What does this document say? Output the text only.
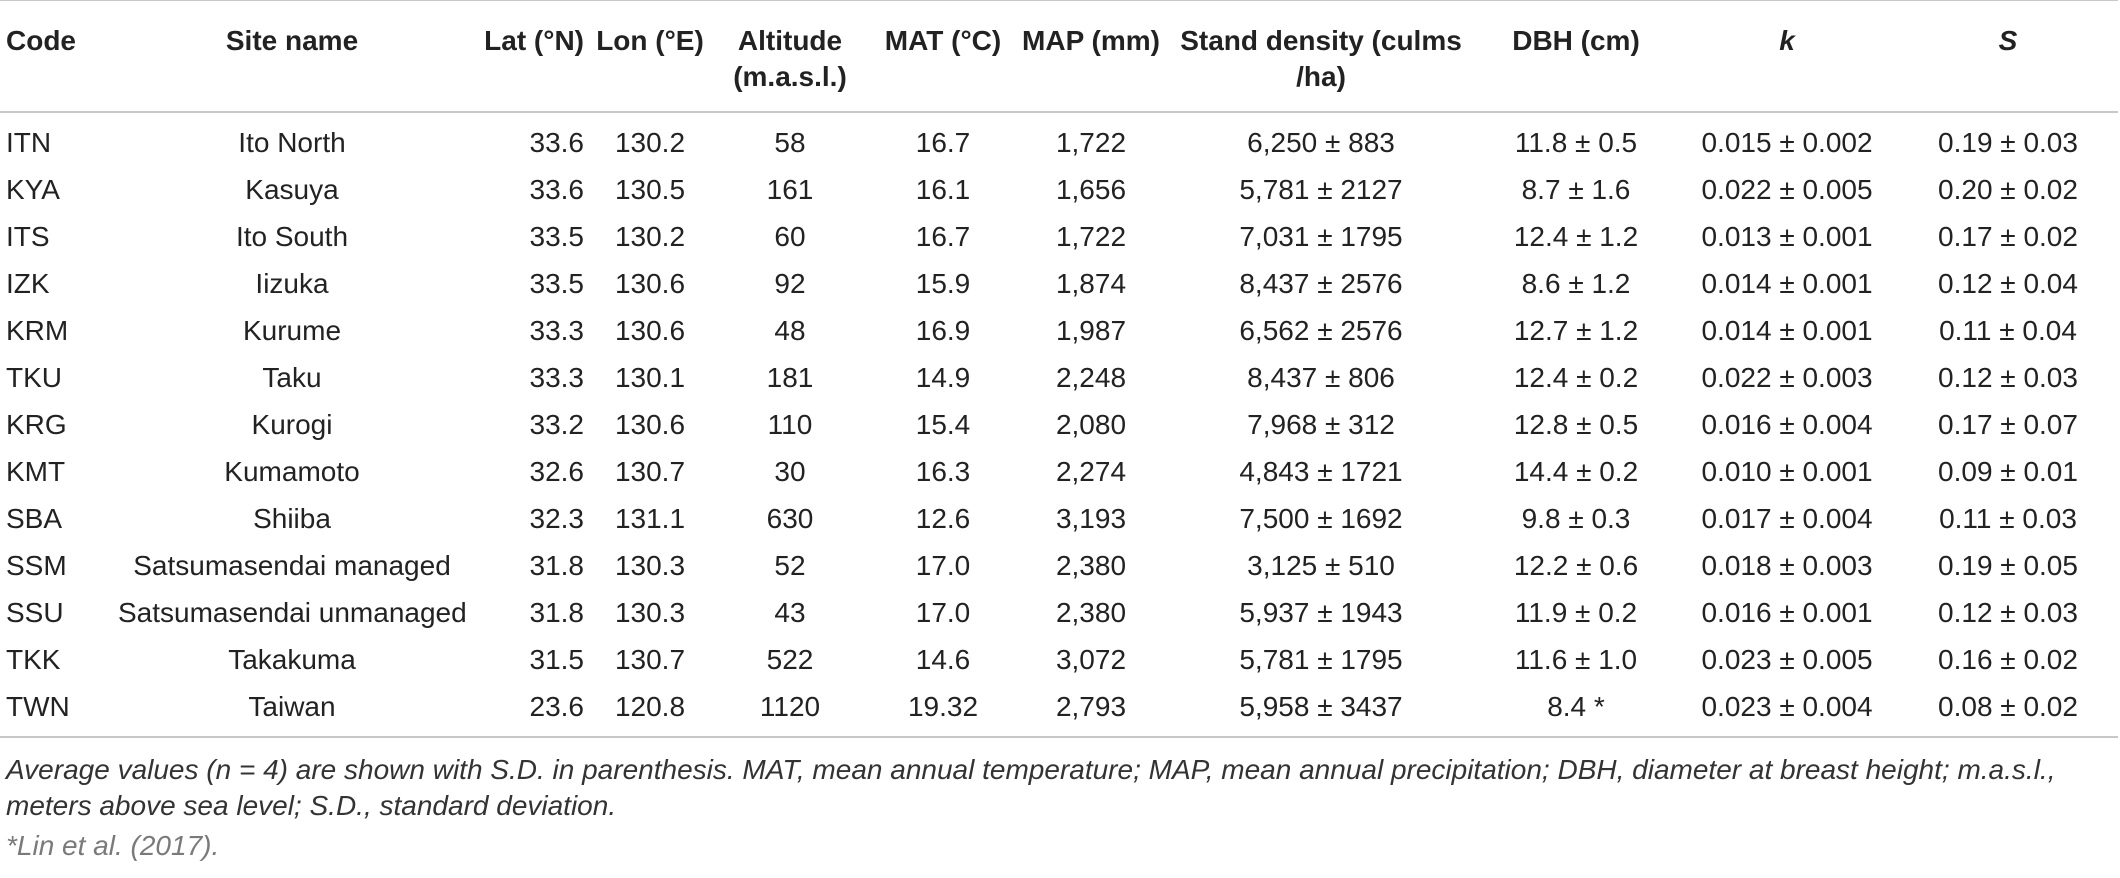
Code	Site name	Lat (°N)	Lon (°E)	Altitude (m.a.s.l.)	MAT (°C)	MAP (mm)	Stand density (culms /ha)	DBH (cm)	k	S
ITN	Ito North	33.6	130.2	58	16.7	1,722	6,250 ± 883	11.8 ± 0.5	0.015 ± 0.002	0.19 ± 0.03
KYA	Kasuya	33.6	130.5	161	16.1	1,656	5,781 ± 2127	8.7 ± 1.6	0.022 ± 0.005	0.20 ± 0.02
ITS	Ito South	33.5	130.2	60	16.7	1,722	7,031 ± 1795	12.4 ± 1.2	0.013 ± 0.001	0.17 ± 0.02
IZK	Iizuka	33.5	130.6	92	15.9	1,874	8,437 ± 2576	8.6 ± 1.2	0.014 ± 0.001	0.12 ± 0.04
KRM	Kurume	33.3	130.6	48	16.9	1,987	6,562 ± 2576	12.7 ± 1.2	0.014 ± 0.001	0.11 ± 0.04
TKU	Taku	33.3	130.1	181	14.9	2,248	8,437 ± 806	12.4 ± 0.2	0.022 ± 0.003	0.12 ± 0.03
KRG	Kurogi	33.2	130.6	110	15.4	2,080	7,968 ± 312	12.8 ± 0.5	0.016 ± 0.004	0.17 ± 0.07
KMT	Kumamoto	32.6	130.7	30	16.3	2,274	4,843 ± 1721	14.4 ± 0.2	0.010 ± 0.001	0.09 ± 0.01
SBA	Shiiba	32.3	131.1	630	12.6	3,193	7,500 ± 1692	9.8 ± 0.3	0.017 ± 0.004	0.11 ± 0.03
SSM	Satsumasendai managed	31.8	130.3	52	17.0	2,380	3,125 ± 510	12.2 ± 0.6	0.018 ± 0.003	0.19 ± 0.05
SSU	Satsumasendai unmanaged	31.8	130.3	43	17.0	2,380	5,937 ± 1943	11.9 ± 0.2	0.016 ± 0.001	0.12 ± 0.03
TKK	Takakuma	31.5	130.7	522	14.6	3,072	5,781 ± 1795	11.6 ± 1.0	0.023 ± 0.005	0.16 ± 0.02
TWN	Taiwan	23.6	120.8	1120	19.32	2,793	5,958 ± 3437	8.4 *	0.023 ± 0.004	0.08 ± 0.02
Average values (n = 4) are shown with S.D. in parenthesis. MAT, mean annual temperature; MAP, mean annual precipitation; DBH, diameter at breast height; m.a.s.l., meters above sea level; S.D., standard deviation.
*Lin et al. (2017).
